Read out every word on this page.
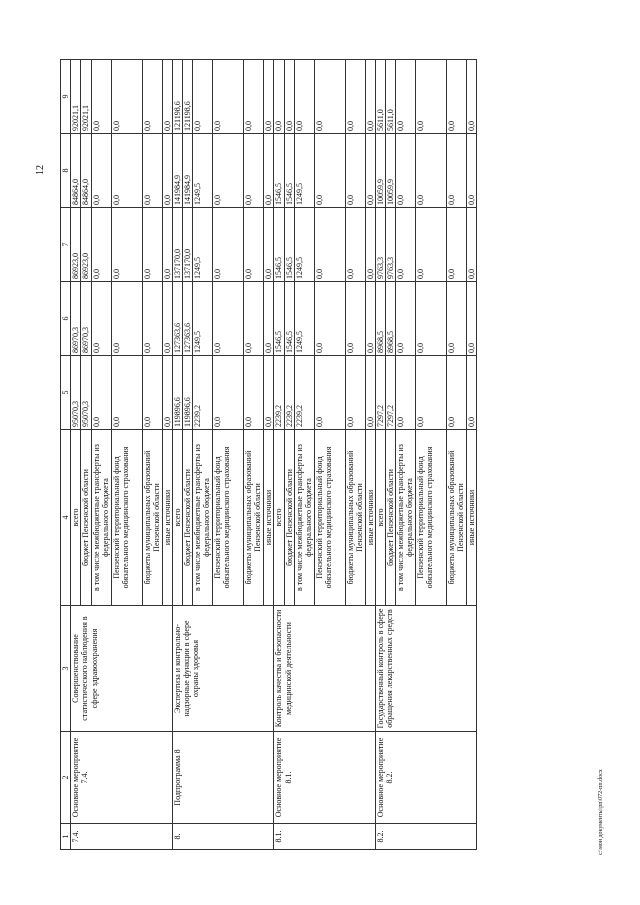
12
1	2	3	4	5	6	7	8	9
7.4.	Основное мероприятие 7.4.	Совершенствование статистического наблюдения в сфере здравоохранения	всего	95070,3	86970,3	86923,0	84864,0	92021,1
			бюджет Пензенской области	95070,3	86970,3	86923,0	84864,0	92021,1
			в том числе межбюджетные трансферты из федерального бюджета	0,0	0,0	0,0	0,0	0,0
			Пензенский территориальный фонд обязательного медицинского страхования	0,0	0,0	0,0	0,0	0,0
			бюджеты муниципальных образований Пензенской области	0,0	0,0	0,0	0,0	0,0
			иные источники	0,0	0,0	0,0	0,0	0,0
8.	Подпрограмма 8	Экспертиза и контрольно-надзорные функции в сфере охраны здоровья	всего	119896,6	127363,6	137170,0	141984,9	121198,6
			бюджет Пензенской области	119896,6	127363,6	137170,0	141984,9	121198,6
			в том числе межбюджетные трансферты из федерального бюджета	2239,2	1249,5	1249,5	1249,5	0,0
			Пензенский территориальный фонд обязательного медицинского страхования	0,0	0,0	0,0	0,0	0,0
			бюджеты муниципальных образований Пензенской области	0,0	0,0	0,0	0,0	0,0
			иные источники	0,0	0,0	0,0	0,0	0,0
8.1.	Основное мероприятие 8.1.	Контроль качества и безопасности медицинской деятельности	всего	2239,2	1546,5	1546,5	1546,5	0,0
			бюджет Пензенской области	2239,2	1546,5	1546,5	1546,5	0,0
			в том числе межбюджетные трансферты из федерального бюджета	2239,2	1249,5	1249,5	1249,5	0,0
			Пензенский территориальный фонд обязательного медицинского страхования	0,0	0,0	0,0	0,0	0,0
			бюджеты муниципальных образований Пензенской области	0,0	0,0	0,0	0,0	0,0
			иные источники	0,0	0,0	0,0	0,0	0,0
8.2.	Основное мероприятие 8.2.	Государственный контроль в сфере обращения лекарственных средств	всего	7297,2	8968,5	9763,3	10059,9	5611,0
			бюджет Пензенской области	7297,2	8968,5	9763,3	10059,9	5611,0
			в том числе межбюджетные трансферты из федерального бюджета	0,0	0,0	0,0	0,0	0,0
			Пензенский территориальный фонд обязательного медицинского страхования	0,0	0,0	0,0	0,0	0,0
			бюджеты муниципальных образований Пензенской области	0,0	0,0	0,0	0,0	0,0
			иные источники	0,0	0,0	0,0	0,0	0,0
c:\мои документы\рп\072-пп.docx
